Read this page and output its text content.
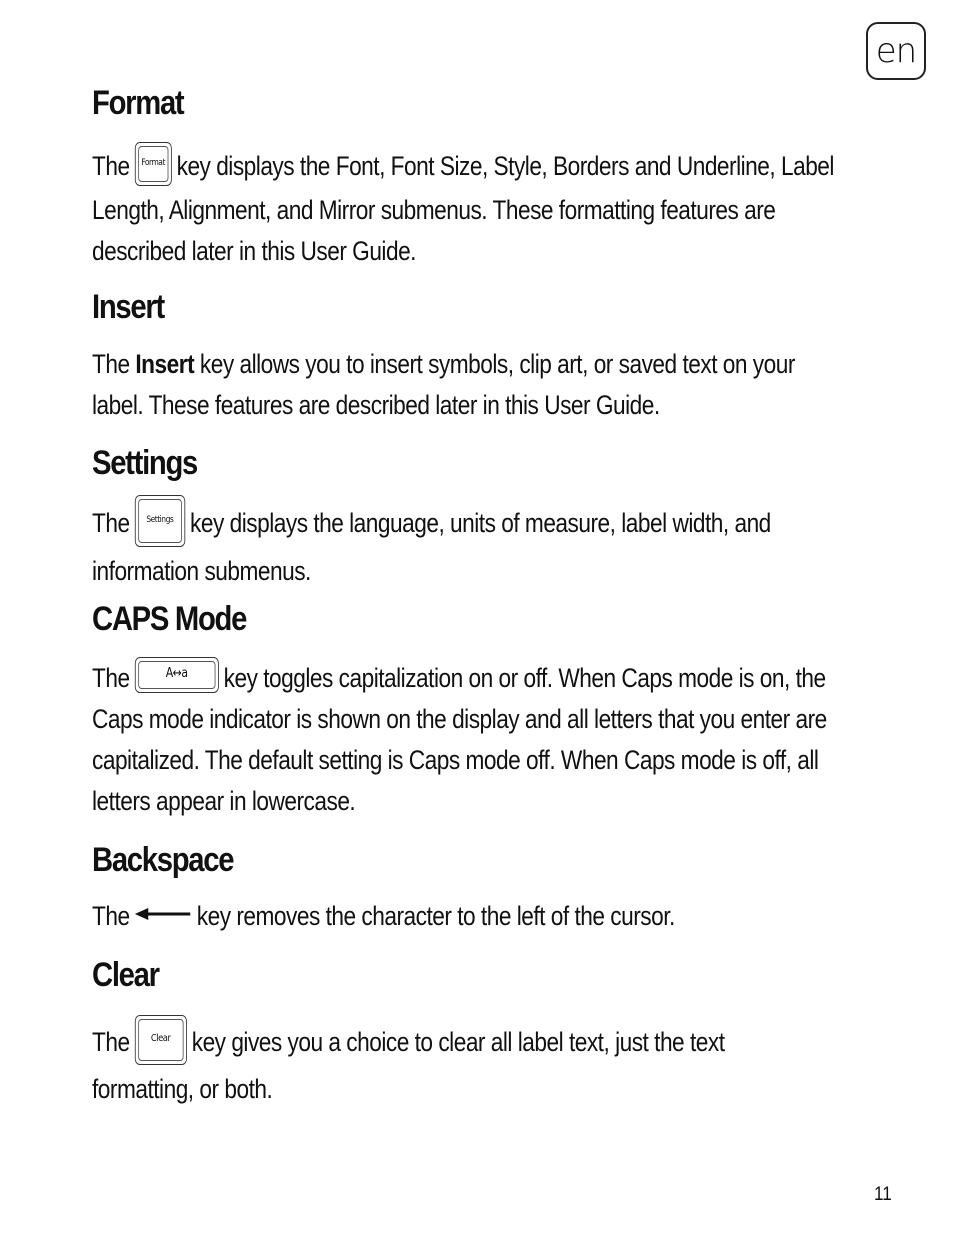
en
Format

The Format key displays the Font, Font Size, Style, Borders and Underline, Label
Length, Alignment, and Mirror submenus. These formatting features are
described later in this User Guide.

Insert

The Insert key allows you to insert symbols, clip art, or saved text on your
label. These features are described later in this User Guide.

Settings

The Settings key displays the language, units of measure, label width, and
information submenus.

CAPS Mode

The	A↔a key toggles capitalization on or off. When Caps mode is on, the
Caps mode indicator is shown on the display and all letters that you enter are
capitalized. The default setting is Caps mode off. When Caps mode is off, all
letters appear in lowercase.

Backspace

The key removes the character to the left of the cursor.

Clear

The Clear key gives you a choice to clear all label text, just the text
formatting, or both.

11
